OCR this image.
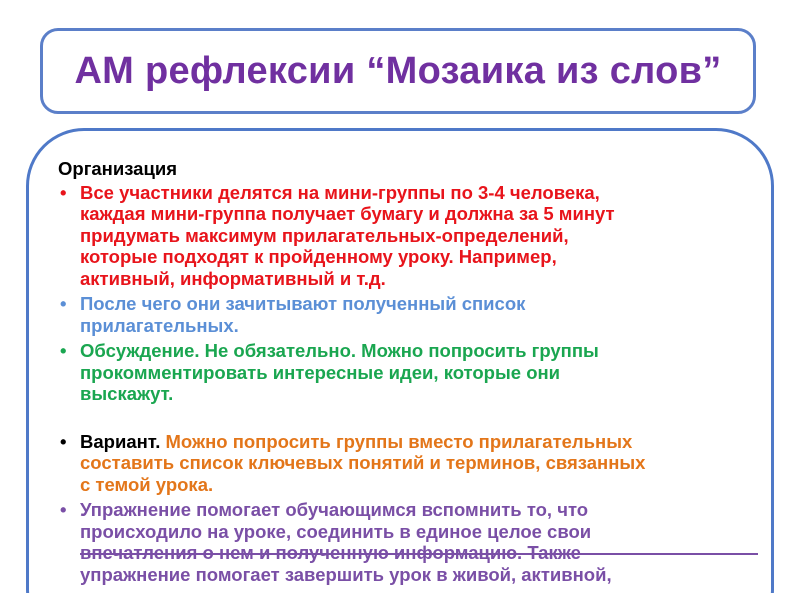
АМ рефлексии “Мозаика из слов”
Организация
• Все участники делятся на мини-группы по 3-4 человека,
каждая мини-группа получает бумагу и должна за 5 минут
придумать максимум прилагательных-определений,
которые подходят к пройденному уроку. Например,
активный, информативный и т.д.
• После чего они зачитывают полученный список
прилагательных.
• Обсуждение. Не обязательно. Можно попросить группы
прокомментировать интересные идеи, которые они
выскажут.
• Вариант. Можно попросить группы вместо прилагательных
составить список ключевых понятий и терминов, связанных
с темой урока.
• Упражнение помогает обучающимся вспомнить то, что
происходило на уроке, соединить в единое целое свои
впечатления о нем и полученную информацию. Также
упражнение помогает завершить урок в живой, активной,
